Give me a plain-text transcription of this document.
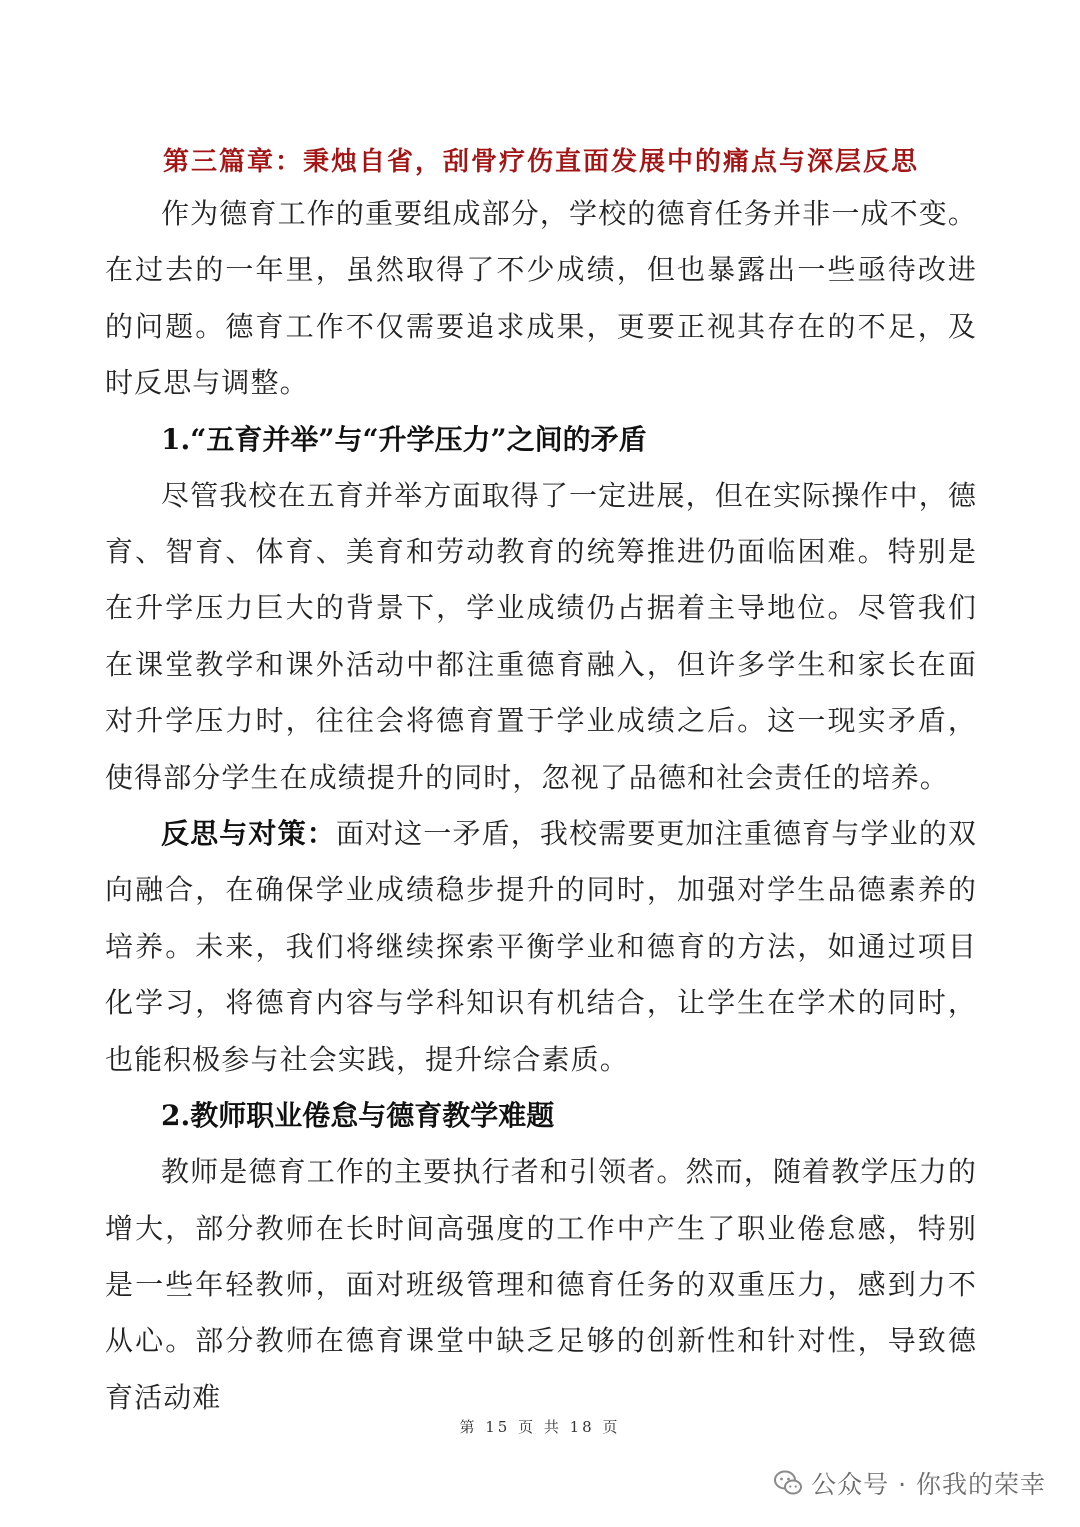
第三篇章：秉烛自省，刮骨疗伤直面发展中的痛点与深层反思

作为德育工作的重要组成部分，学校的德育任务并非一成不变。在过去的一年里，虽然取得了不少成绩，但也暴露出一些亟待改进的问题。德育工作不仅需要追求成果，更要正视其存在的不足，及时反思与调整。

1.“五育并举”与“升学压力”之间的矛盾

尽管我校在五育并举方面取得了一定进展，但在实际操作中，德育、智育、体育、美育和劳动教育的统筹推进仍面临困难。特别是在升学压力巨大的背景下，学业成绩仍占据着主导地位。尽管我们在课堂教学和课外活动中都注重德育融入，但许多学生和家长在面对升学压力时，往往会将德育置于学业成绩之后。这一现实矛盾，使得部分学生在成绩提升的同时，忽视了品德和社会责任的培养。

反思与对策：面对这一矛盾，我校需要更加注重德育与学业的双向融合，在确保学业成绩稳步提升的同时，加强对学生品德素养的培养。未来，我们将继续探索平衡学业和德育的方法，如通过项目化学习，将德育内容与学科知识有机结合，让学生在学术的同时，也能积极参与社会实践，提升综合素质。

2.教师职业倦怠与德育教学难题

教师是德育工作的主要执行者和引领者。然而，随着教学压力的增大，部分教师在长时间高强度的工作中产生了职业倦怠感，特别是一些年轻教师，面对班级管理和德育任务的双重压力，感到力不从心。部分教师在德育课堂中缺乏足够的创新性和针对性，导致德育活动难

第 15 页 共 18 页
公众号 · 你我的荣幸
